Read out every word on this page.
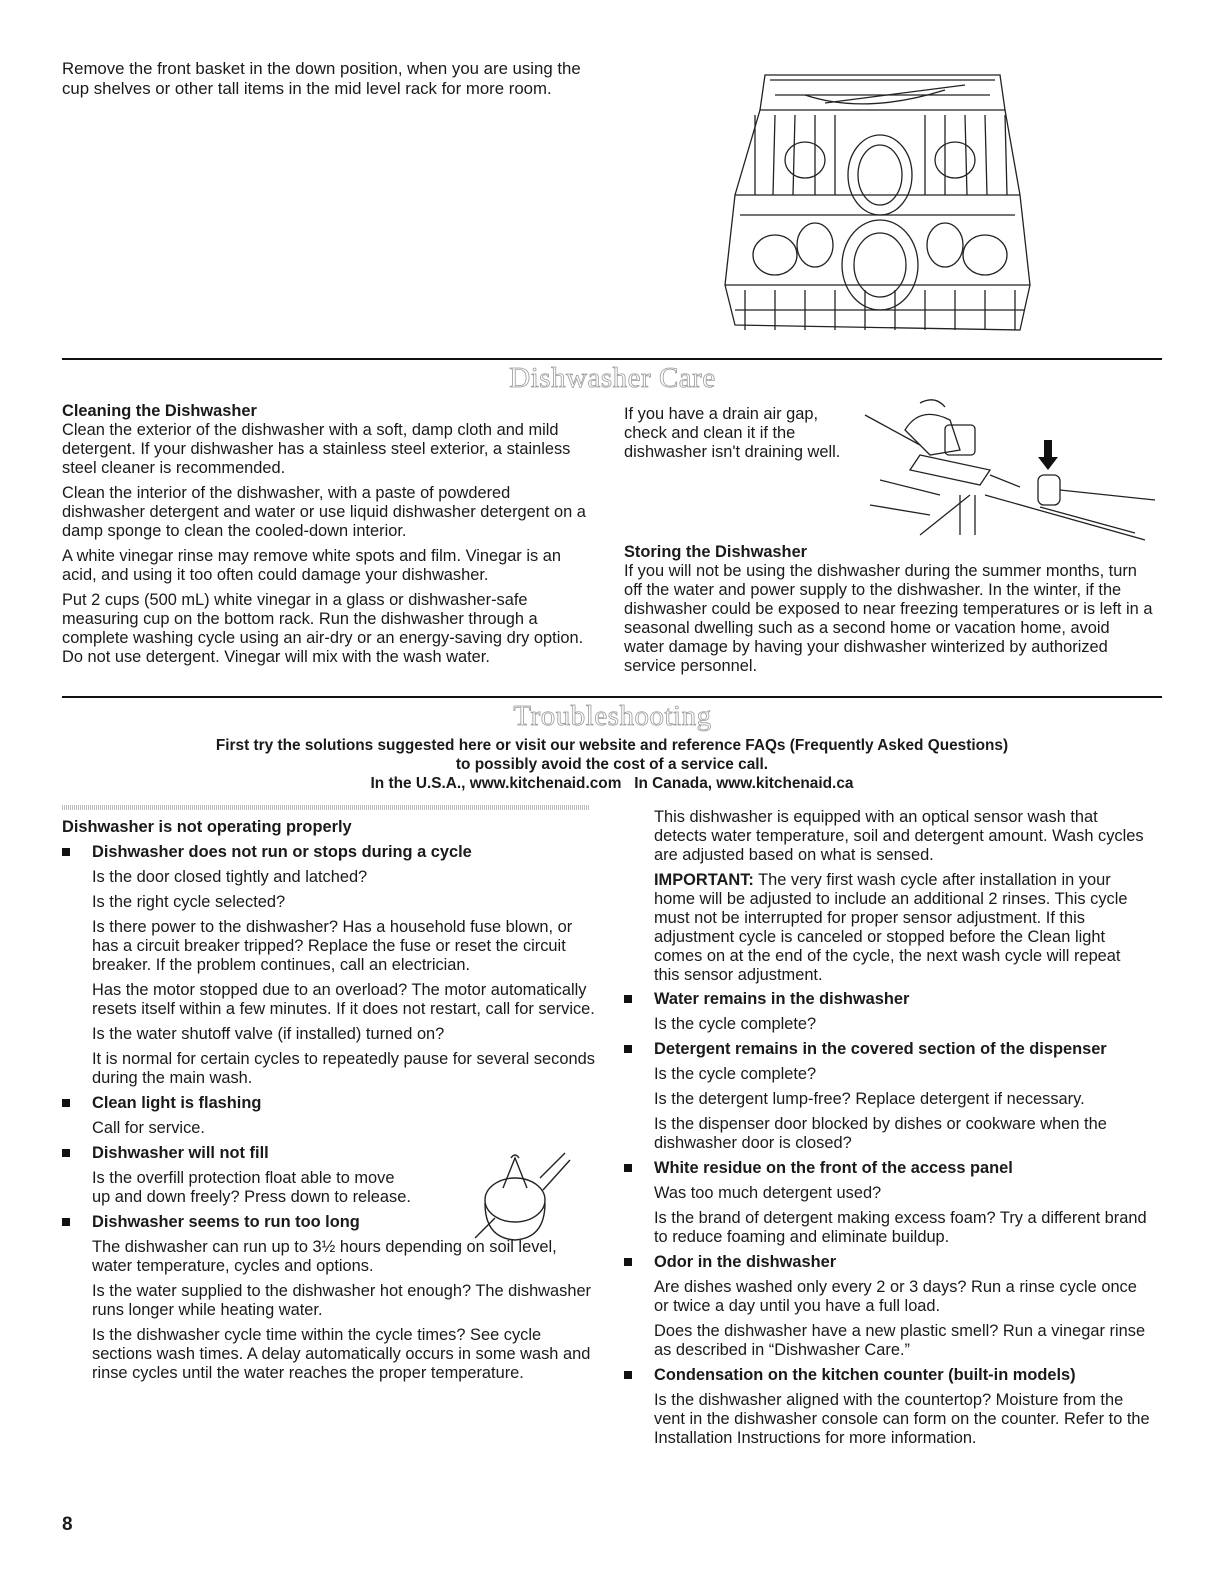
Remove the front basket in the down position, when you are using the cup shelves or other tall items in the mid level rack for more room.

Dishwasher Care

Cleaning the Dishwasher

Clean the exterior of the dishwasher with a soft, damp cloth and mild detergent. If your dishwasher has a stainless steel exterior, a stainless steel cleaner is recommended.

Clean the interior of the dishwasher, with a paste of powdered dishwasher detergent and water or use liquid dishwasher detergent on a damp sponge to clean the cooled-down interior.

A white vinegar rinse may remove white spots and film. Vinegar is an acid, and using it too often could damage your dishwasher.

Put 2 cups (500 mL) white vinegar in a glass or dishwasher-safe measuring cup on the bottom rack. Run the dishwasher through a complete washing cycle using an air-dry or an energy-saving dry option. Do not use detergent. Vinegar will mix with the wash water.

If you have a drain air gap, check and clean it if the dishwasher isn't draining well.

Storing the Dishwasher

If you will not be using the dishwasher during the summer months, turn off the water and power supply to the dishwasher. In the winter, if the dishwasher could be exposed to near freezing temperatures or is left in a seasonal dwelling such as a second home or vacation home, avoid water damage by having your dishwasher winterized by authorized service personnel.

Troubleshooting

First try the solutions suggested here or visit our website and reference FAQs (Frequently Asked Questions)

to possibly avoid the cost of a service call.

In the U.S.A., www.kitchenaid.com   In Canada, www.kitchenaid.ca

Dishwasher is not operating properly

Dishwasher does not run or stops during a cycle

Is the door closed tightly and latched?

Is the right cycle selected?

Is there power to the dishwasher? Has a household fuse blown, or has a circuit breaker tripped? Replace the fuse or reset the circuit breaker. If the problem continues, call an electrician.

Has the motor stopped due to an overload? The motor automatically resets itself within a few minutes. If it does not restart, call for service.

Is the water shutoff valve (if installed) turned on?

It is normal for certain cycles to repeatedly pause for several seconds during the main wash.

Clean light is flashing

Call for service.

Dishwasher will not fill

Is the overfill protection float able to move up and down freely? Press down to release.

Dishwasher seems to run too long

The dishwasher can run up to 3½ hours depending on soil level, water temperature, cycles and options.

Is the water supplied to the dishwasher hot enough? The dishwasher runs longer while heating water.

Is the dishwasher cycle time within the cycle times? See cycle sections wash times. A delay automatically occurs in some wash and rinse cycles until the water reaches the proper temperature.

This dishwasher is equipped with an optical sensor wash that detects water temperature, soil and detergent amount. Wash cycles are adjusted based on what is sensed.

IMPORTANT: The very first wash cycle after installation in your home will be adjusted to include an additional 2 rinses. This cycle must not be interrupted for proper sensor adjustment. If this adjustment cycle is canceled or stopped before the Clean light comes on at the end of the cycle, the next wash cycle will repeat this sensor adjustment.

Water remains in the dishwasher

Is the cycle complete?

Detergent remains in the covered section of the dispenser

Is the cycle complete?

Is the detergent lump-free? Replace detergent if necessary.

Is the dispenser door blocked by dishes or cookware when the dishwasher door is closed?

White residue on the front of the access panel

Was too much detergent used?

Is the brand of detergent making excess foam? Try a different brand to reduce foaming and eliminate buildup.

Odor in the dishwasher

Are dishes washed only every 2 or 3 days? Run a rinse cycle once or twice a day until you have a full load.

Does the dishwasher have a new plastic smell? Run a vinegar rinse as described in “Dishwasher Care.”

Condensation on the kitchen counter (built-in models)

Is the dishwasher aligned with the countertop? Moisture from the vent in the dishwasher console can form on the counter. Refer to the Installation Instructions for more information.

8
